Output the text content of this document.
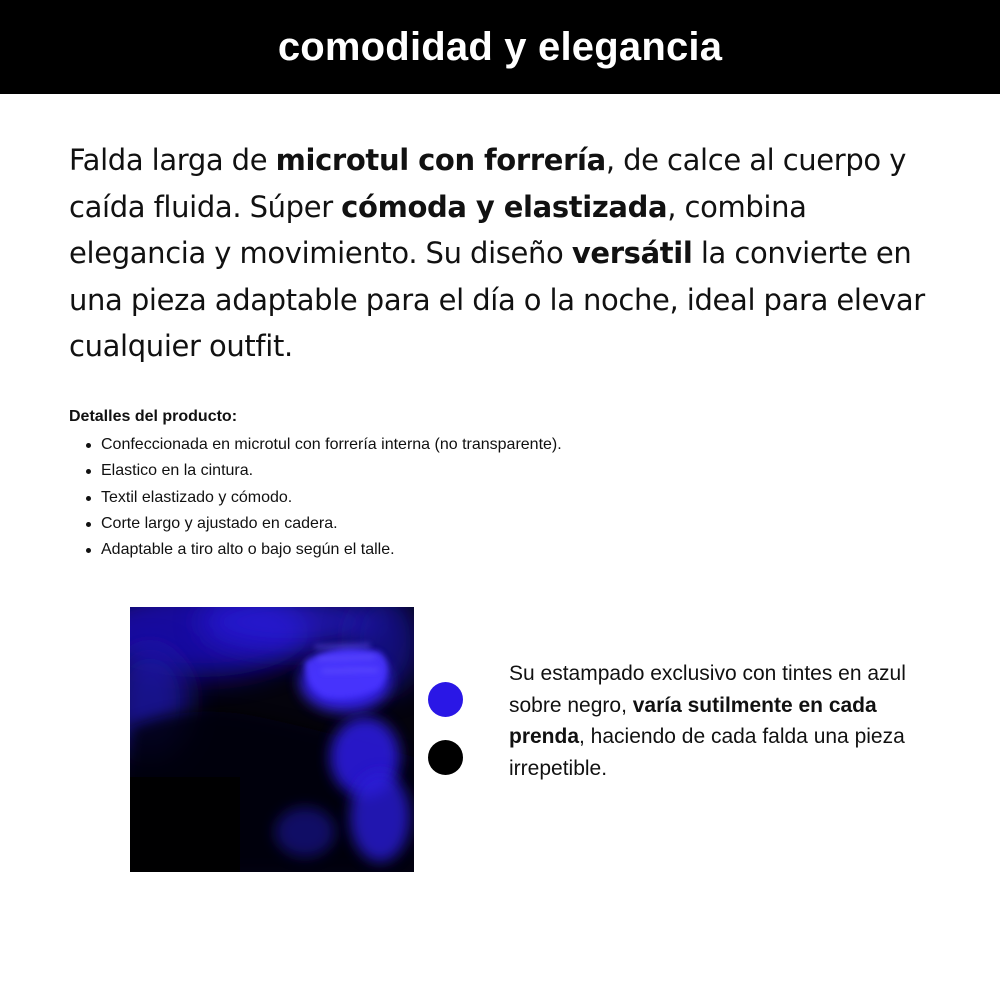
comodidad y elegancia

Falda larga de microtul con forrería, de calce al cuerpo y caída fluida. Súper cómoda y elastizada, combina elegancia y movimiento. Su diseño versátil la convierte en una pieza adaptable para el día o la noche, ideal para elevar cualquier outfit.

Detalles del producto:
Confeccionada en microtul con forrería interna (no transparente).
Elastico en la cintura.
Textil elastizado y cómodo.
Corte largo y ajustado en cadera.
Adaptable a tiro alto o bajo según el talle.

Su estampado exclusivo con tintes en azul sobre negro, varía sutilmente en cada prenda, haciendo de cada falda una pieza irrepetible.
